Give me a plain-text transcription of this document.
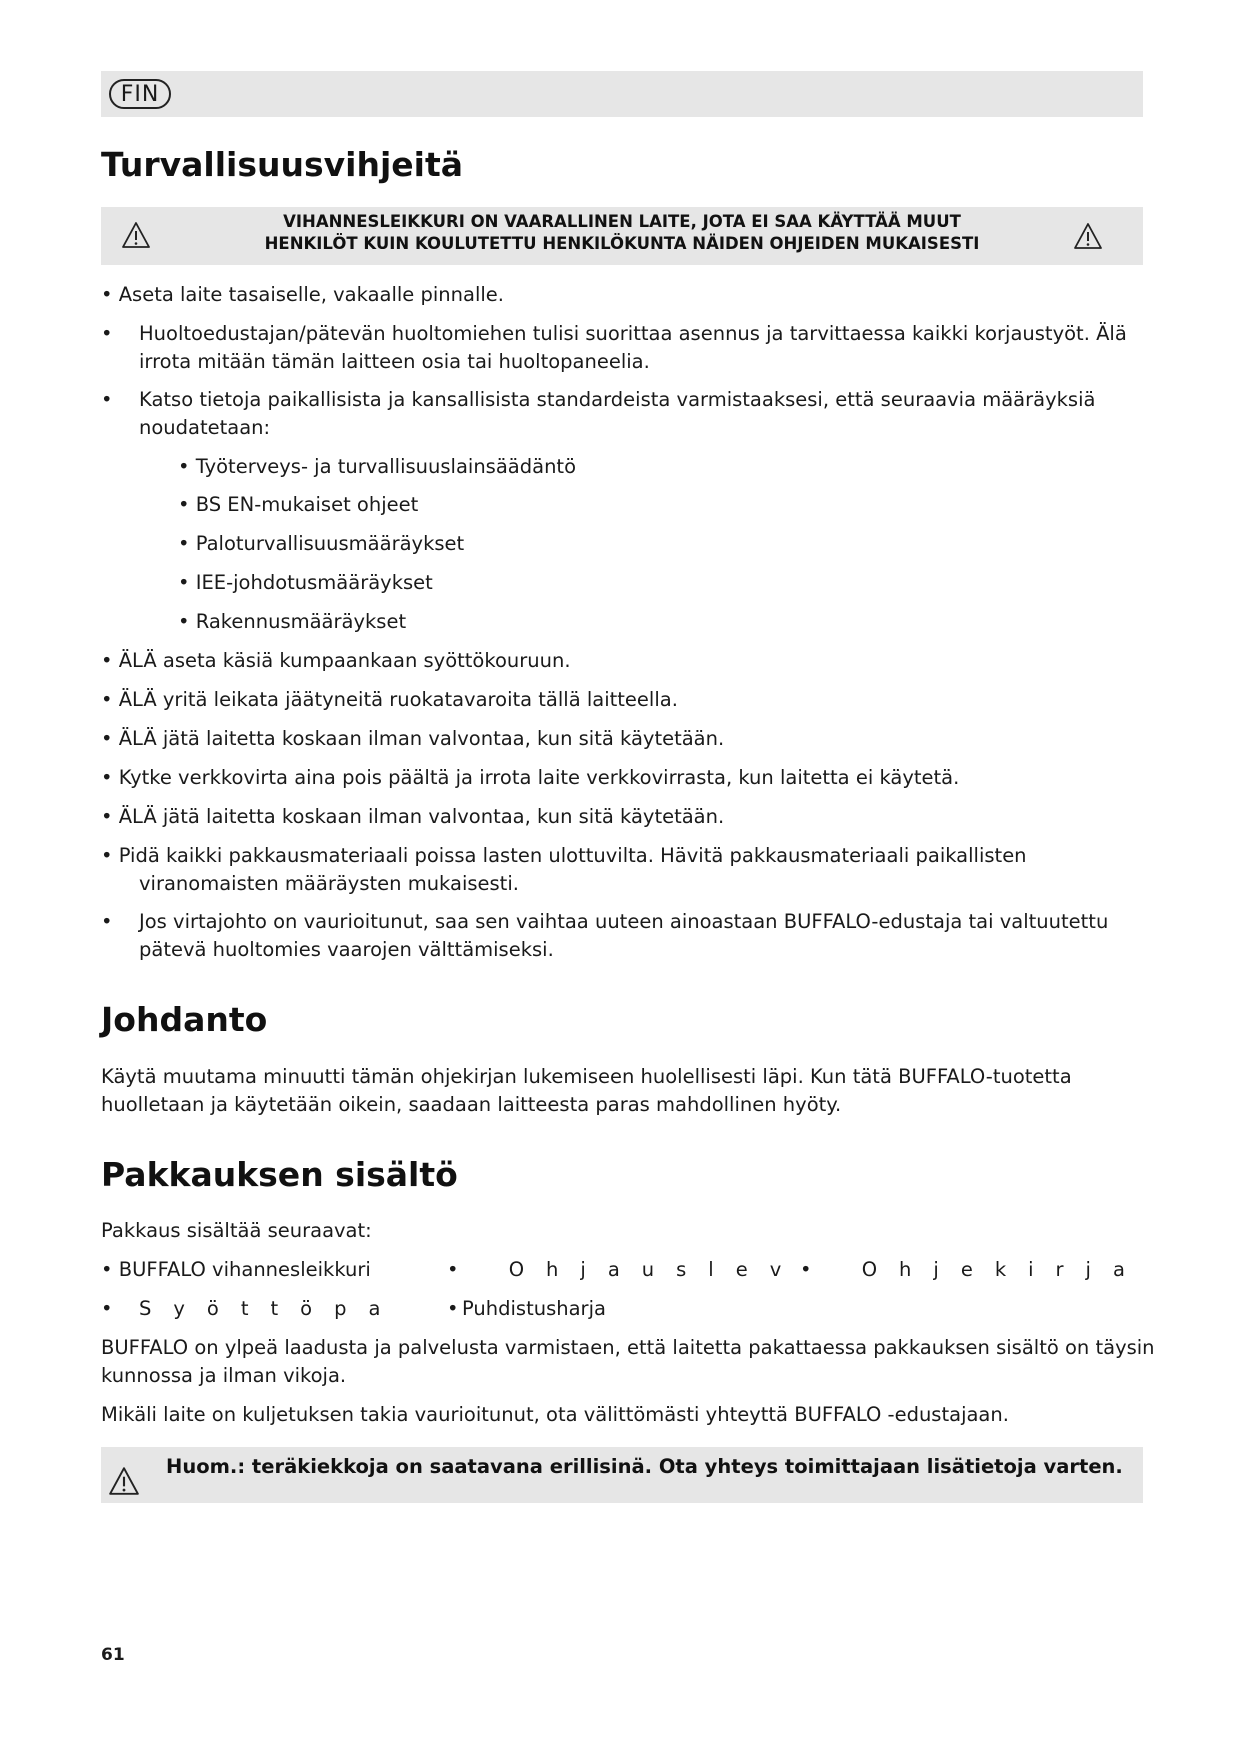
FIN
Turvallisuusvihjeitä
VIHANNESLEIKKURI ON VAARALLINEN LAITE, JOTA EI SAA KÄYTTÄÄ MUUT
HENKILÖT KUIN KOULUTETTU HENKILÖKUNTA NÄIDEN OHJEIDEN MUKAISESTI
• Aseta laite tasaiselle, vakaalle pinnalle.
• Huoltoedustajan/pätevän huoltomiehen tulisi suorittaa asennus ja tarvittaessa kaikki korjaustyöt. Älä
irrota mitään tämän laitteen osia tai huoltopaneelia.
• Katso tietoja paikallisista ja kansallisista standardeista varmistaaksesi, että seuraavia määräyksiä
noudatetaan:
• Työterveys- ja turvallisuuslainsäädäntö
• BS EN-mukaiset ohjeet
• Paloturvallisuusmääräykset
• IEE-johdotusmääräykset
• Rakennusmääräykset
• ÄLÄ aseta käsiä kumpaankaan syöttökouruun.
• ÄLÄ yritä leikata jäätyneitä ruokatavaroita tällä laitteella.
• ÄLÄ jätä laitetta koskaan ilman valvontaa, kun sitä käytetään.
• Kytke verkkovirta aina pois päältä ja irrota laite verkkovirrasta, kun laitetta ei käytetä.
• ÄLÄ jätä laitetta koskaan ilman valvontaa, kun sitä käytetään.
• Pidä kaikki pakkausmateriaali poissa lasten ulottuvilta. Hävitä pakkausmateriaali paikallisten
viranomaisten määräysten mukaisesti.
• Jos virtajohto on vaurioitunut, saa sen vaihtaa uuteen ainoastaan BUFFALO-edustaja tai valtuutettu
pätevä huoltomies vaarojen välttämiseksi.
Johdanto
Käytä muutama minuutti tämän ohjekirjan lukemiseen huolellisesti läpi. Kun tätä BUFFALO-tuotetta
huolletaan ja käytetään oikein, saadaan laitteesta paras mahdollinen hyöty.
Pakkauksen sisältö
Pakkaus sisältää seuraavat:
• BUFFALO vihannesleikkuri	• Ohjauslev
• Ohjekirja
• Syöttöpa • Puhdistusharja
BUFFALO on ylpeä laadusta ja palvelusta varmistaen, että laitetta pakattaessa pakkauksen sisältö on täysin
kunnossa ja ilman vikoja.
Mikäli laite on kuljetuksen takia vaurioitunut, ota välittömästi yhteyttä BUFFALO -edustajaan.
Huom.: teräkiekkoja on saatavana erillisinä. Ota yhteys toimittajaan lisätietoja varten.
61
